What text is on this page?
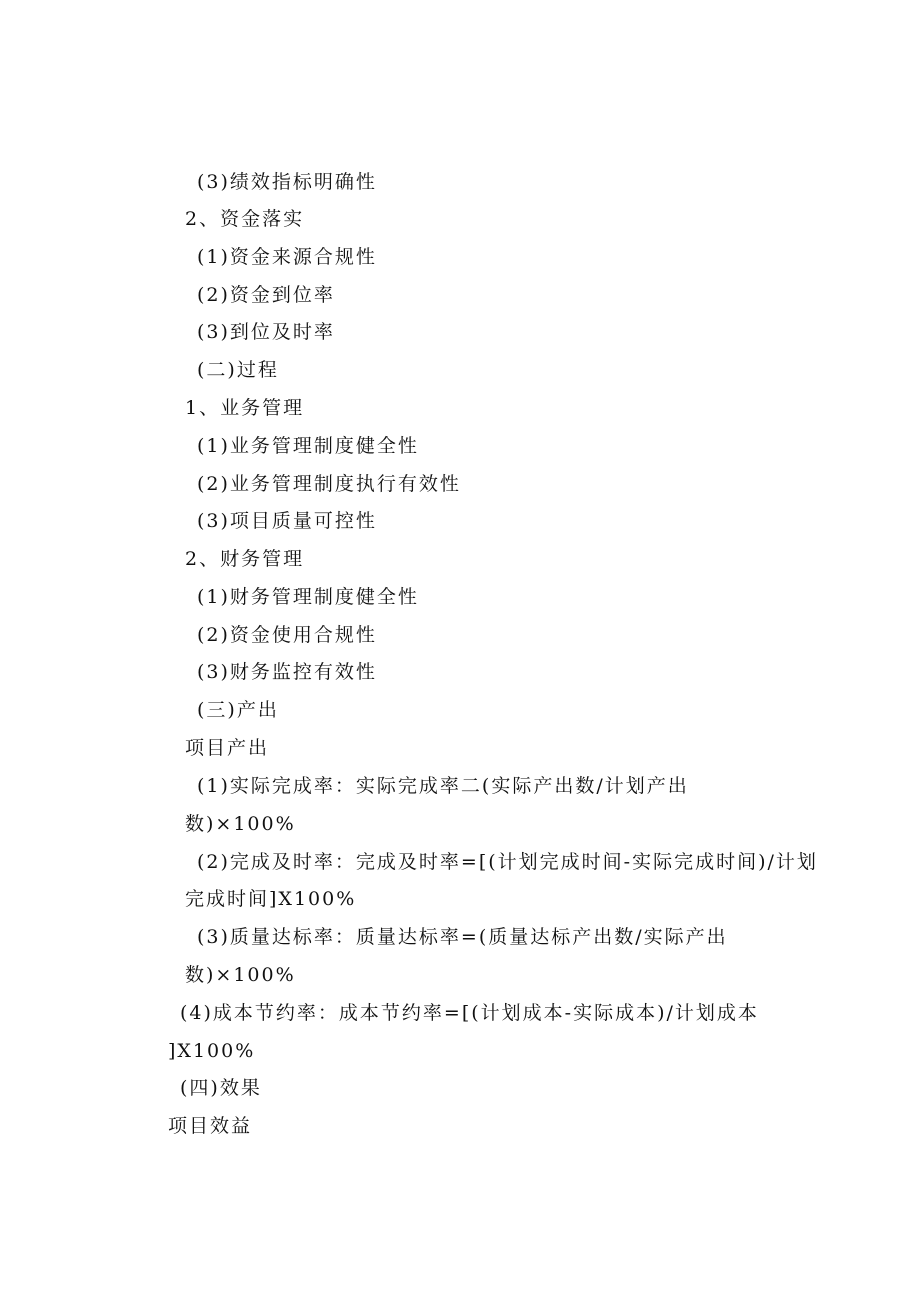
(3)绩效指标明确性
2、资金落实
(1)资金来源合规性
(2)资金到位率
(3)到位及时率
(二)过程
1、业务管理
(1)业务管理制度健全性
(2)业务管理制度执行有效性
(3)项目质量可控性
2、财务管理
(1)财务管理制度健全性
(2)资金使用合规性
(3)财务监控有效性
(三)产出
项目产出
(1)实际完成率：实际完成率二(实际产出数/计划产出
数)×100%
(2)完成及时率：完成及时率=[(计划完成时间-实际完成时间)/计划
完成时间]X100%
(3)质量达标率：质量达标率=(质量达标产出数/实际产出
数)×100%
(4)成本节约率：成本节约率=[(计划成本-实际成本)/计划成本
]X100%
(四)效果
项目效益
